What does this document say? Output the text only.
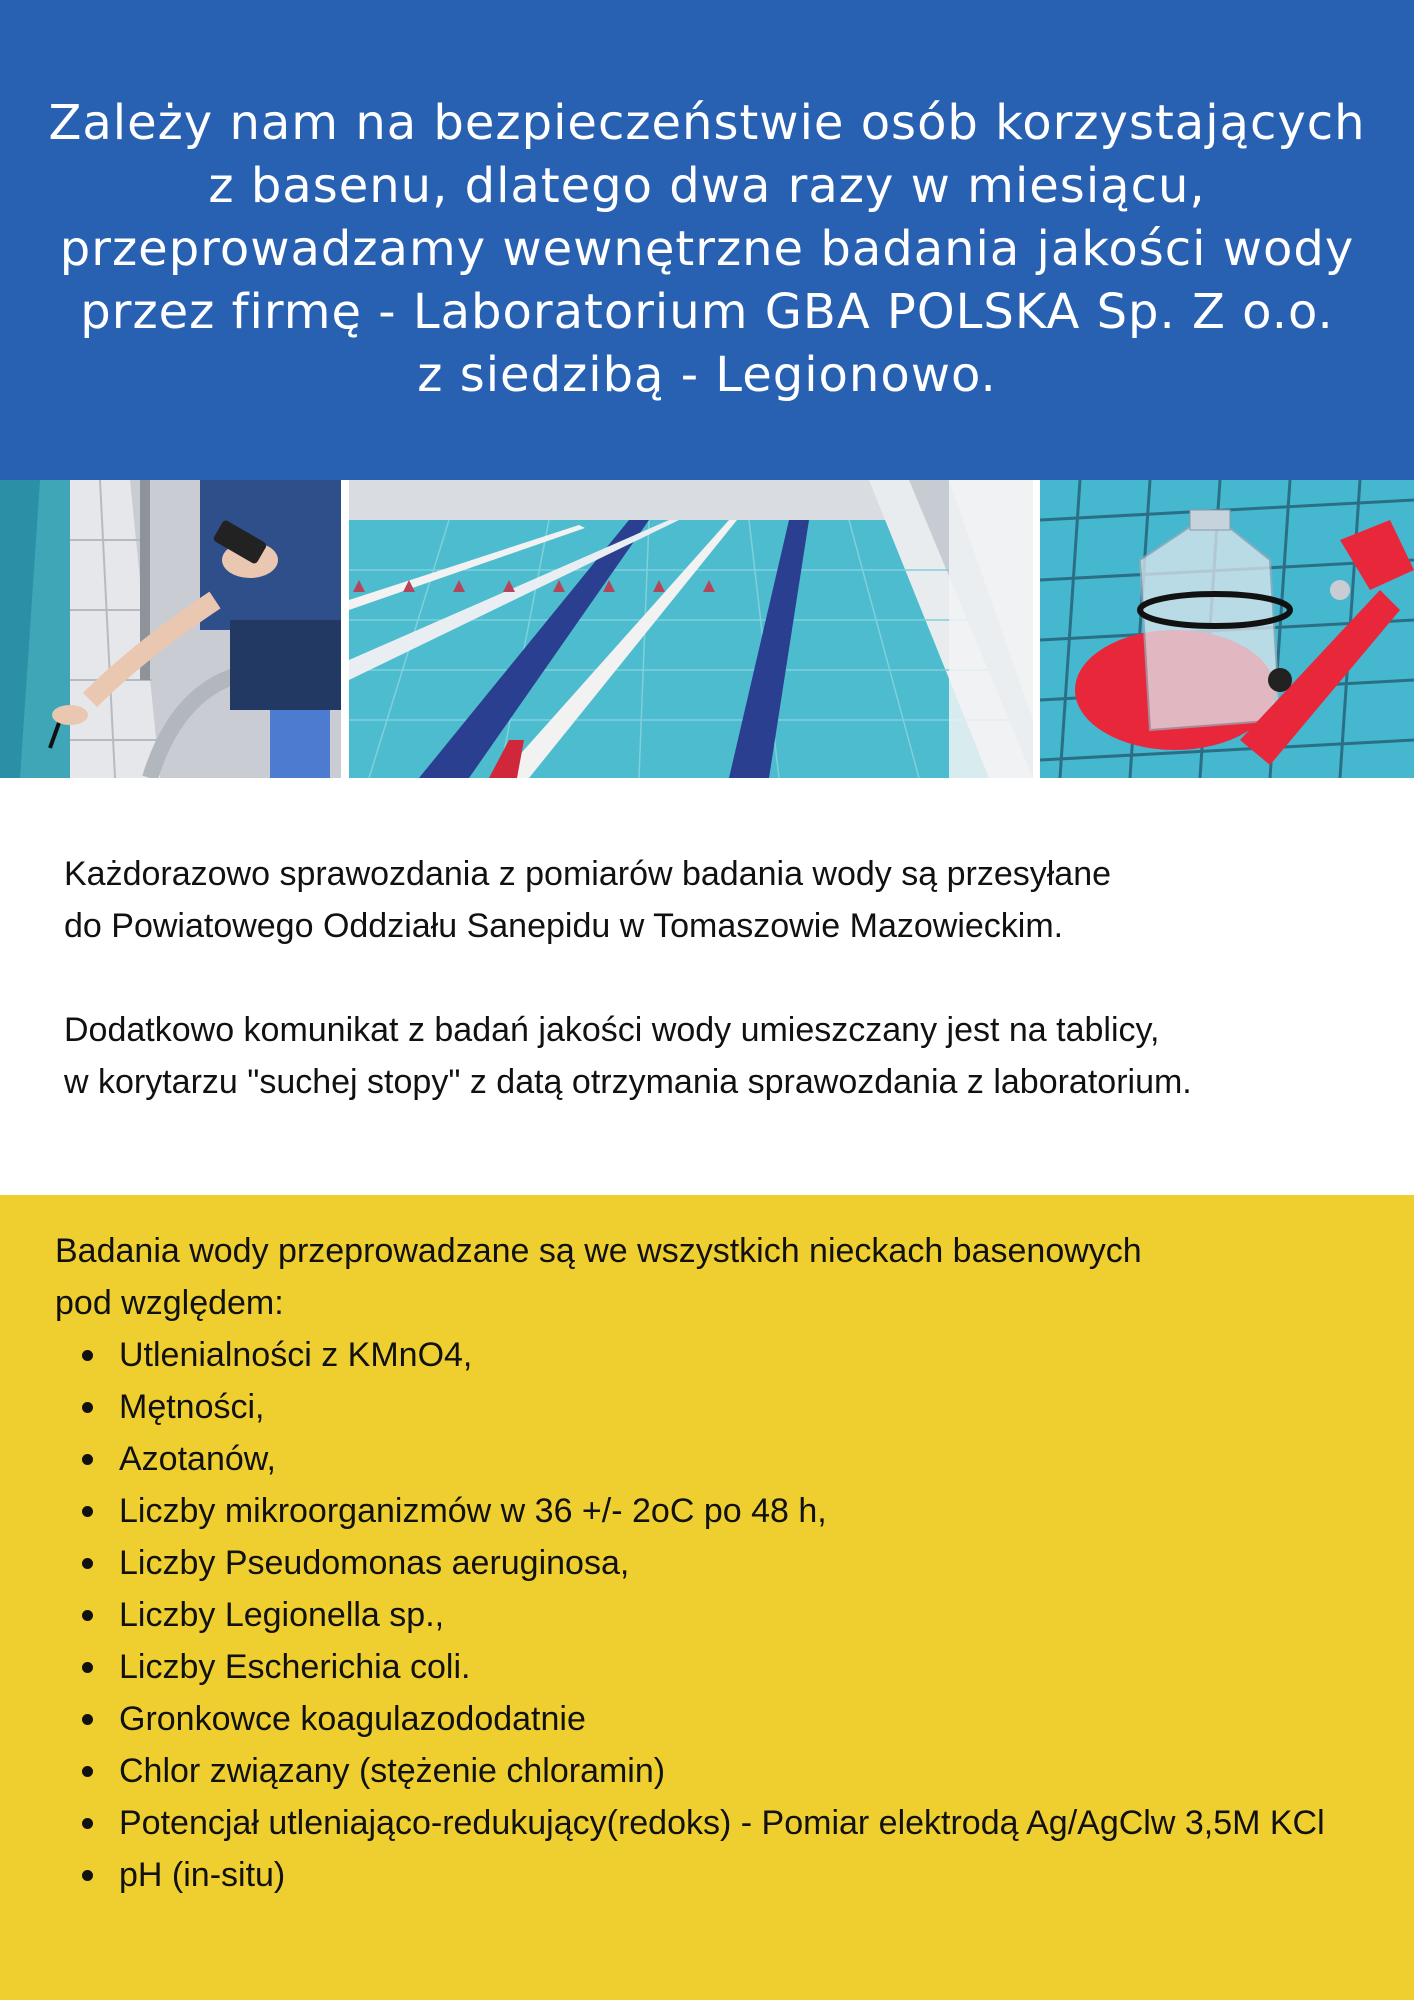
Zależy nam na bezpieczeństwie osób korzystających
z basenu, dlatego dwa razy w miesiącu,
przeprowadzamy wewnętrzne badania jakości wody
przez firmę - Laboratorium GBA POLSKA Sp. Z o.o.
z siedzibą - Legionowo.

Każdorazowo sprawozdania z pomiarów badania wody są przesyłane

do Powiatowego Oddziału Sanepidu w Tomaszowie Mazowieckim.

Dodatkowo komunikat z badań jakości wody umieszczany jest na tablicy,

w korytarzu "suchej stopy" z datą otrzymania sprawozdania z laboratorium.

Badania wody przeprowadzane są we wszystkich nieckach basenowych
pod względem:
Utlenialności z KMnO4,
Mętności,
Azotanów,
Liczby mikroorganizmów w 36 +/- 2oC po 48 h,
Liczby Pseudomonas aeruginosa,
Liczby Legionella sp.,
Liczby Escherichia coli.
Gronkowce koagulazododatnie
Chlor związany (stężenie chloramin)
Potencjał utleniająco-redukujący(redoks) - Pomiar elektrodą Ag/AgClw 3,5M KCl
pH (in-situ)
